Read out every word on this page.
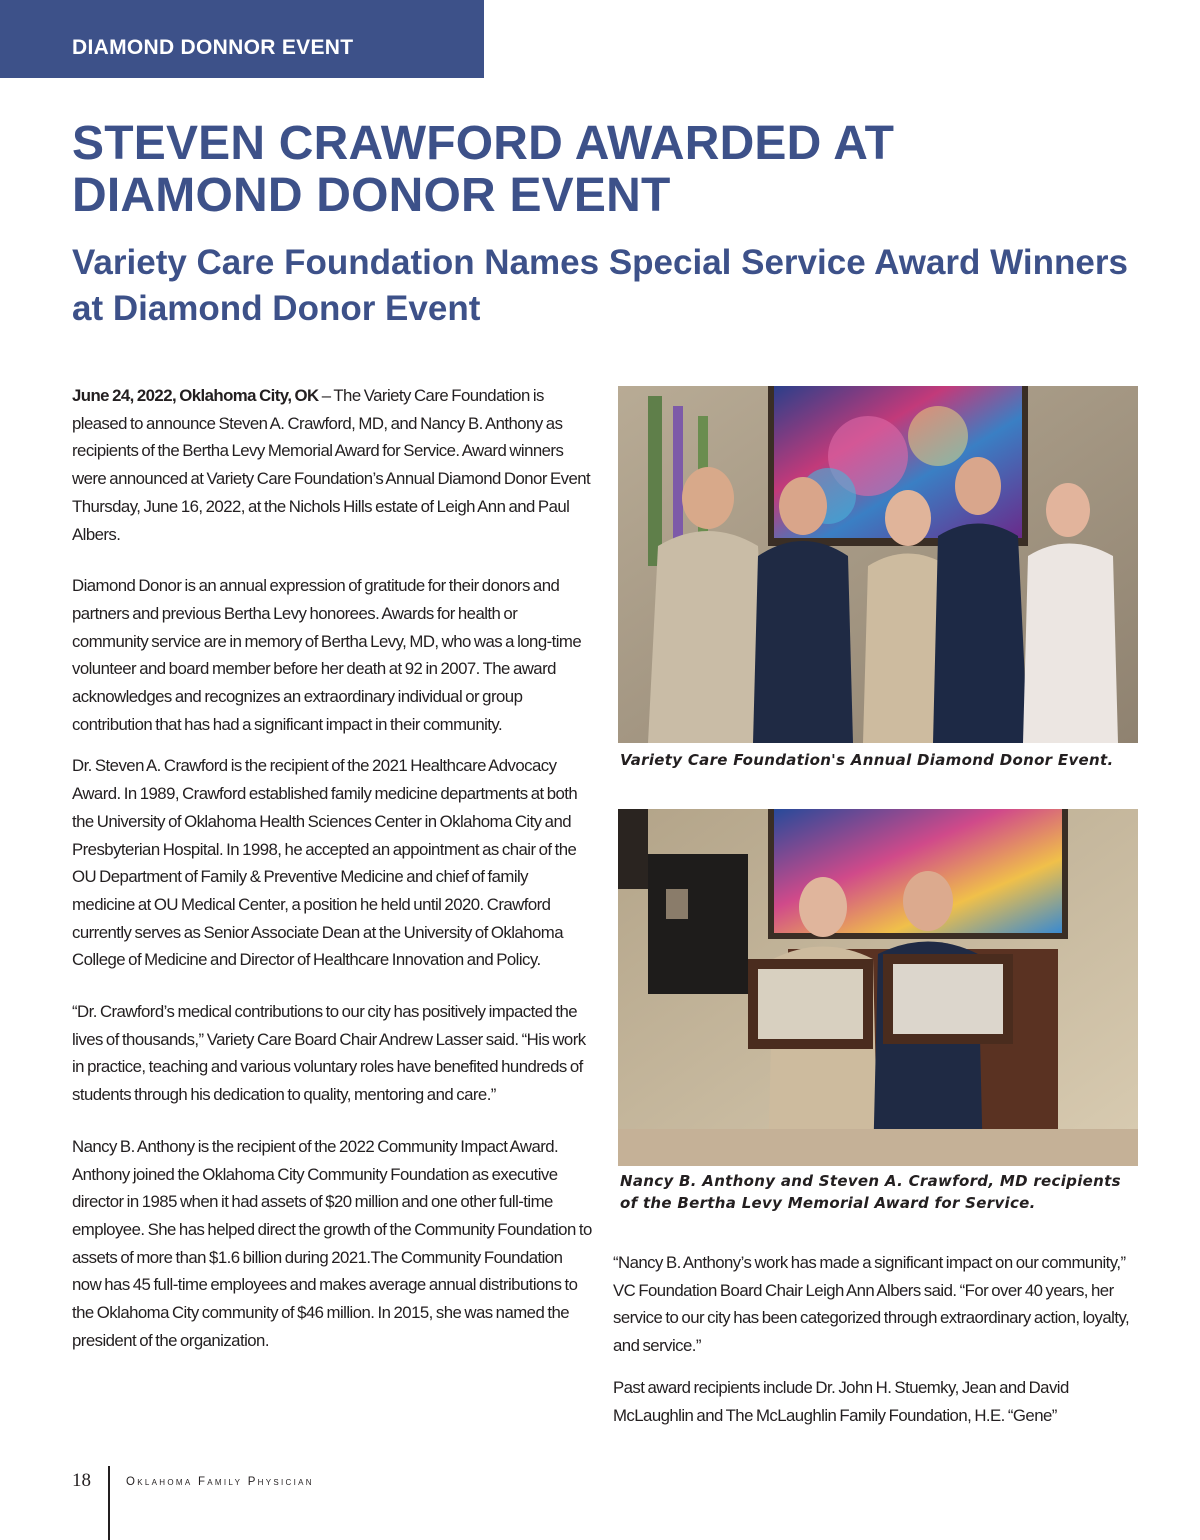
DIAMOND DONNOR EVENT
STEVEN CRAWFORD AWARDED AT DIAMOND DONOR EVENT
Variety Care Foundation Names Special Service Award Winners at Diamond Donor Event

June 24, 2022, Oklahoma City, OK – The Variety Care Foundation is pleased to announce Steven A. Crawford, MD, and Nancy B. Anthony as recipients of the Bertha Levy Memorial Award for Service. Award winners were announced at Variety Care Foundation’s Annual Diamond Donor Event Thursday, June 16, 2022, at the Nichols Hills estate of Leigh Ann and Paul Albers.

Diamond Donor is an annual expression of gratitude for their donors and partners and previous Bertha Levy honorees. Awards for health or community service are in memory of Bertha Levy, MD, who was a long-time volunteer and board member before her death at 92 in 2007. The award acknowledges and recognizes an extraordinary individual or group contribution that has had a significant impact in their community.

Dr. Steven A. Crawford is the recipient of the 2021 Healthcare Advocacy Award. In 1989, Crawford established family medicine departments at both the University of Oklahoma Health Sciences Center in Oklahoma City and Presbyterian Hospital. In 1998, he accepted an appointment as chair of the OU Department of Family & Preventive Medicine and chief of family medicine at OU Medical Center, a position he held until 2020. Crawford currently serves as Senior Associate Dean at the University of Oklahoma College of Medicine and Director of Healthcare Innovation and Policy.

“Dr. Crawford’s medical contributions to our city has positively impacted the lives of thousands,” Variety Care Board Chair Andrew Lasser said. “His work in practice, teaching and various voluntary roles have benefited hundreds of students through his dedication to quality, mentoring and care.”

Nancy B. Anthony is the recipient of the 2022 Community Impact Award. Anthony joined the Oklahoma City Community Foundation as executive director in 1985 when it had assets of $20 million and one other full-time employee. She has helped direct the growth of the Community Foundation to assets of more than $1.6 billion during 2021.The Community Foundation now has 45 full-time employees and makes average annual distributions to the Oklahoma City community of $46 million. In 2015, she was named the president of the organization.

Variety Care Foundation's Annual Diamond Donor Event.
Nancy B. Anthony and Steven A. Crawford, MD recipients of the Bertha Levy Memorial Award for Service.

“Nancy B. Anthony’s work has made a significant impact on our community,” VC Foundation Board Chair Leigh Ann Albers said. “For over 40 years, her service to our city has been categorized through extraordinary action, loyalty, and service.”

Past award recipients include Dr. John H. Stuemky, Jean and David McLaughlin and The McLaughlin Family Foundation, H.E. “Gene”

18	Oklahoma Family Physician
